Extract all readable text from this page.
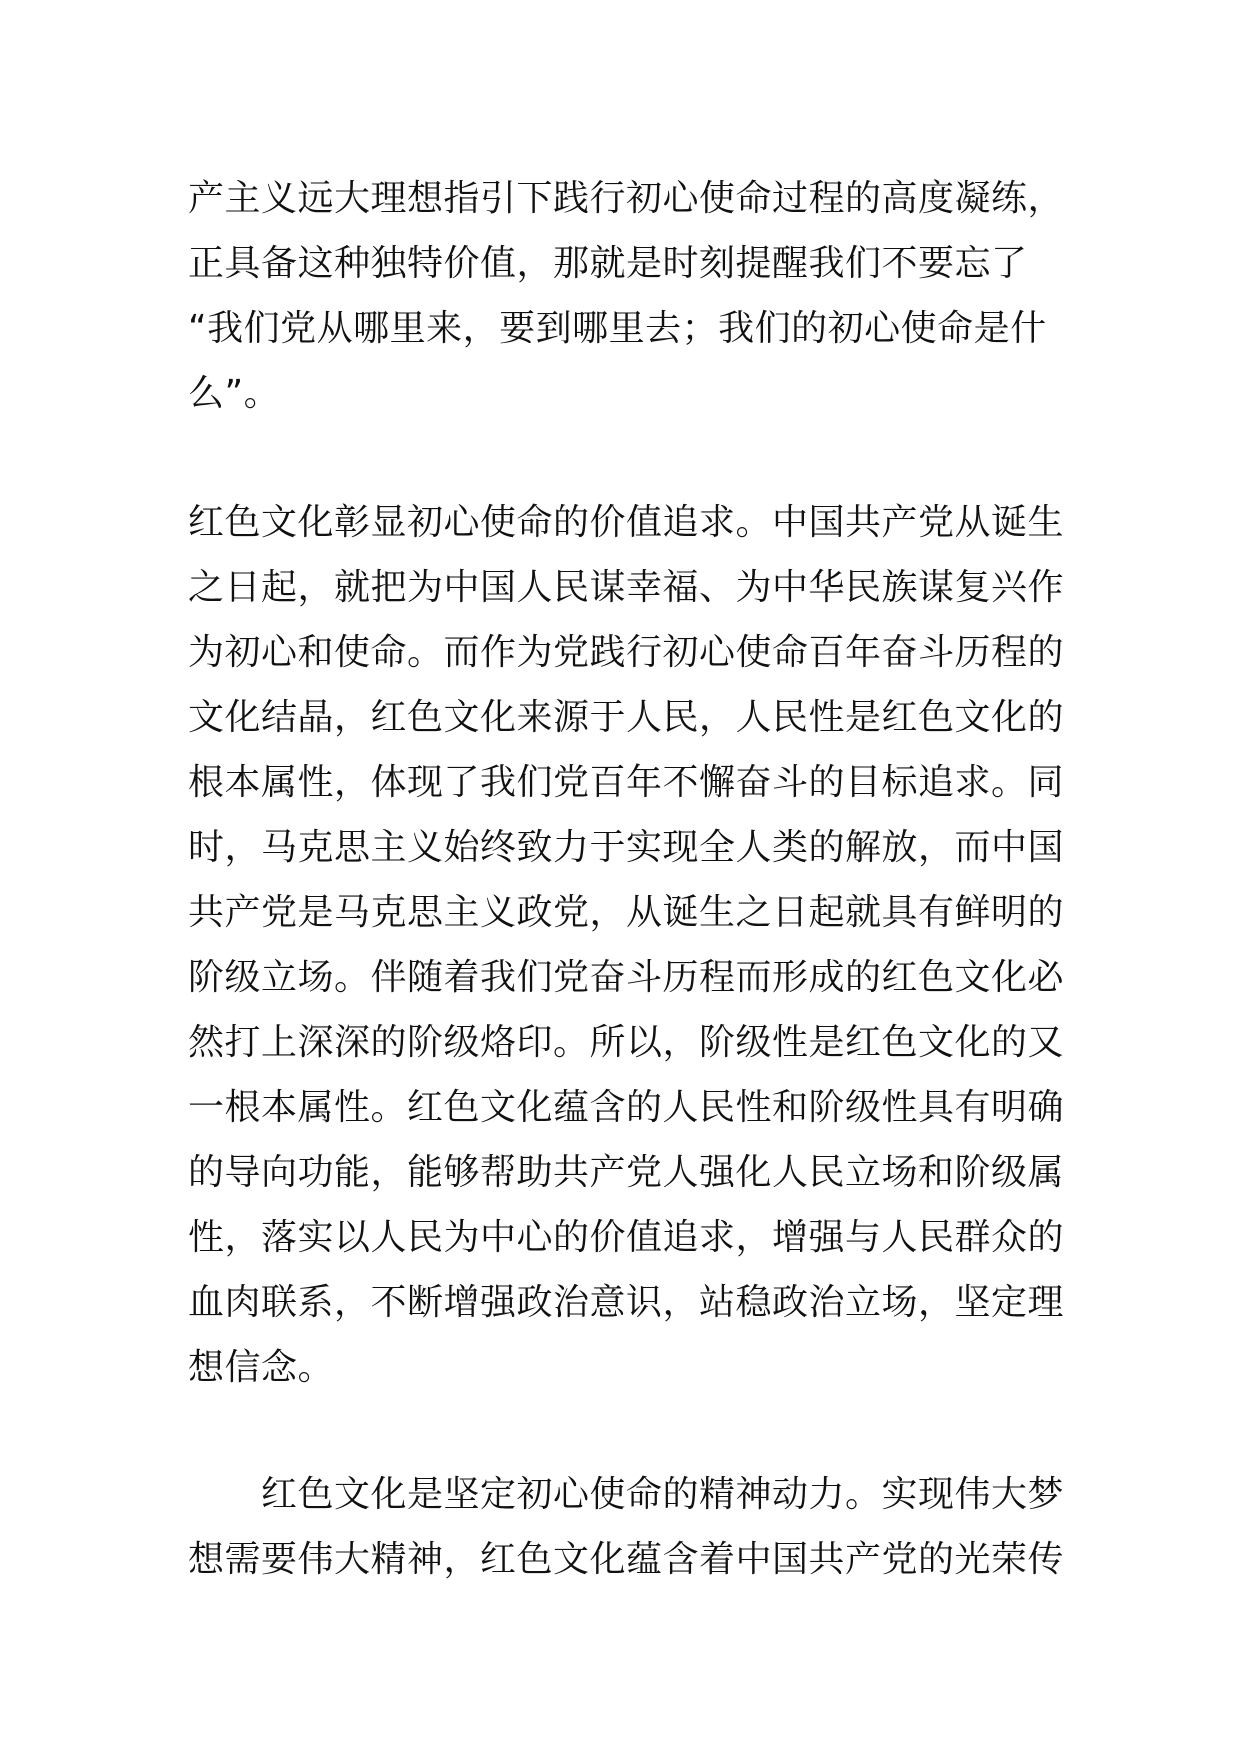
产主义远大理想指引下践行初心使命过程的高度凝练，
正具备这种独特价值，那就是时刻提醒我们不要忘了
“我们党从哪里来，要到哪里去；我们的初心使命是什
么”。
红色文化彰显初心使命的价值追求。中国共产党从诞生
之日起，就把为中国人民谋幸福、为中华民族谋复兴作
为初心和使命。而作为党践行初心使命百年奋斗历程的
文化结晶，红色文化来源于人民，人民性是红色文化的
根本属性，体现了我们党百年不懈奋斗的目标追求。同
时，马克思主义始终致力于实现全人类的解放，而中国
共产党是马克思主义政党，从诞生之日起就具有鲜明的
阶级立场。伴随着我们党奋斗历程而形成的红色文化必
然打上深深的阶级烙印。所以，阶级性是红色文化的又
一根本属性。红色文化蕴含的人民性和阶级性具有明确
的导向功能，能够帮助共产党人强化人民立场和阶级属
性，落实以人民为中心的价值追求，增强与人民群众的
血肉联系，不断增强政治意识，站稳政治立场，坚定理
想信念。
　　红色文化是坚定初心使命的精神动力。实现伟大梦
想需要伟大精神，红色文化蕴含着中国共产党的光荣传
